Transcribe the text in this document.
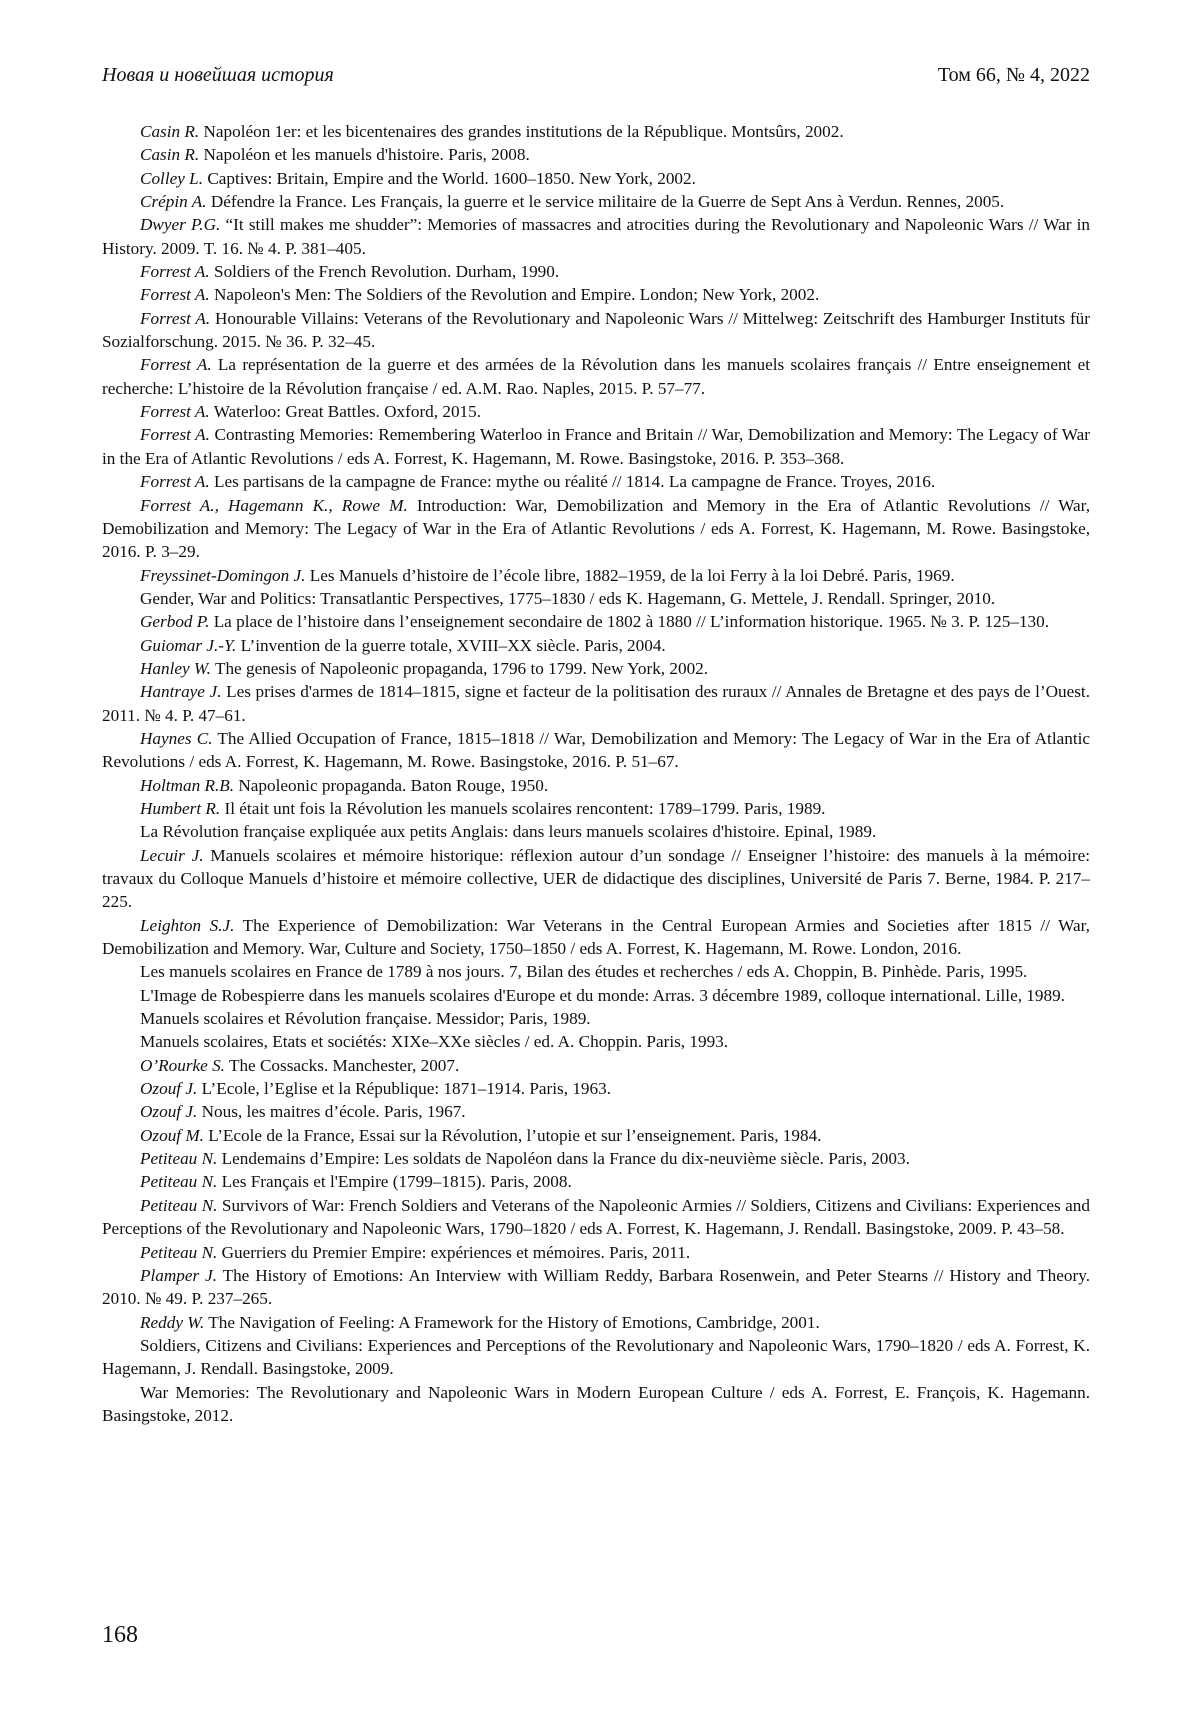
Новая и новейшая история	Том 66, № 4, 2022

Casin R. Napoléon 1er: et les bicentenaires des grandes institutions de la République. Montsûrs, 2002.

Casin R. Napoléon et les manuels d'histoire. Paris, 2008.

Colley L. Captives: Britain, Empire and the World. 1600–1850. New York, 2002.

Crépin A. Défendre la France. Les Français, la guerre et le service militaire de la Guerre de Sept Ans à Verdun. Rennes, 2005.

Dwyer P.G. “It still makes me shudder”: Memories of massacres and atrocities during the Revolutionary and Napoleonic Wars // War in History. 2009. T. 16. № 4. P. 381–405.

Forrest A. Soldiers of the French Revolution. Durham, 1990.

Forrest A. Napoleon's Men: The Soldiers of the Revolution and Empire. London; New York, 2002.

Forrest A. Honourable Villains: Veterans of the Revolutionary and Napoleonic Wars // Mittelweg: Zeitschrift des Hamburger Instituts für Sozialforschung. 2015. № 36. P. 32–45.

Forrest A. La représentation de la guerre et des armées de la Révolution dans les manuels scolaires français // Entre enseignement et recherche: L’histoire de la Révolution française / ed. A.M. Rao. Naples, 2015. P. 57–77.

Forrest A. Waterloo: Great Battles. Oxford, 2015.

Forrest A. Contrasting Memories: Remembering Waterloo in France and Britain // War, Demobilization and Memory: The Legacy of War in the Era of Atlantic Revolutions / eds A. Forrest, K. Hagemann, M. Rowe. Basingstoke, 2016. P. 353–368.

Forrest A. Les partisans de la campagne de France: mythe ou réalité // 1814. La campagne de France. Troyes, 2016.

Forrest A., Hagemann K., Rowe M. Introduction: War, Demobilization and Memory in the Era of Atlantic Revolutions // War, Demobilization and Memory: The Legacy of War in the Era of Atlantic Revolutions / eds A. Forrest, K. Hagemann, M. Rowe. Basingstoke, 2016. P. 3–29.

Freyssinet-Domingon J. Les Manuels d’histoire de l’école libre, 1882–1959, de la loi Ferry à la loi Debré. Paris, 1969.

Gender, War and Politics: Transatlantic Perspectives, 1775–1830 / eds K. Hagemann, G. Mettele, J. Rendall. Springer, 2010.

Gerbod P. La place de l’histoire dans l’enseignement secondaire de 1802 à 1880 // L’information historique. 1965. № 3. P. 125–130.

Guiomar J.-Y. L’invention de la guerre totale, XVIII–XX siècle. Paris, 2004.

Hanley W. The genesis of Napoleonic propaganda, 1796 to 1799. New York, 2002.

Hantraye J. Les prises d'armes de 1814–1815, signe et facteur de la politisation des ruraux // Annales de Bretagne et des pays de l’Ouest. 2011. № 4. P. 47–61.

Haynes C. The Allied Occupation of France, 1815–1818 // War, Demobilization and Memory: The Legacy of War in the Era of Atlantic Revolutions / eds A. Forrest, K. Hagemann, M. Rowe. Basingstoke, 2016. P. 51–67.

Holtman R.B. Napoleonic propaganda. Baton Rouge, 1950.

Humbert R. Il était unt fois la Révolution les manuels scolaires rencontent: 1789–1799. Paris, 1989.

La Révolution française expliquée aux petits Anglais: dans leurs manuels scolaires d'histoire. Epinal, 1989.

Lecuir J. Manuels scolaires et mémoire historique: réflexion autour d’un sondage // Enseigner l’histoire: des manuels à la mémoire: travaux du Colloque Manuels d’histoire et mémoire collective, UER de didactique des disciplines, Université de Paris 7. Berne, 1984. P. 217–225.

Leighton S.J. The Experience of Demobilization: War Veterans in the Central European Armies and Societies after 1815 // War, Demobilization and Memory. War, Culture and Society, 1750–1850 / eds A. Forrest, K. Hagemann, M. Rowe. London, 2016.

Les manuels scolaires en France de 1789 à nos jours. 7, Bilan des études et recherches / eds A. Choppin, B. Pinhède. Paris, 1995.

L'Image de Robespierre dans les manuels scolaires d'Europe et du monde: Arras. 3 décembre 1989, colloque international. Lille, 1989.

Manuels scolaires et Révolution française. Messidor; Paris, 1989.

Manuels scolaires, Etats et sociétés: XIXe–XXe siècles / ed. A. Choppin. Paris, 1993.

O’Rourke S. The Cossacks. Manchester, 2007.

Ozouf J. L’Ecole, l’Eglise et la République: 1871–1914. Paris, 1963.

Ozouf J. Nous, les maitres d’école. Paris, 1967.

Ozouf M. L’Ecole de la France, Essai sur la Révolution, l’utopie et sur l’enseignement. Paris, 1984.

Petiteau N. Lendemains d’Empire: Les soldats de Napoléon dans la France du dix-neuvième siècle. Paris, 2003.

Petiteau N. Les Français et l'Empire (1799–1815). Paris, 2008.

Petiteau N. Survivors of War: French Soldiers and Veterans of the Napoleonic Armies // Soldiers, Citizens and Civilians: Experiences and Perceptions of the Revolutionary and Napoleonic Wars, 1790–1820 / eds A. Forrest, K. Hagemann, J. Rendall. Basingstoke, 2009. P. 43–58.

Petiteau N. Guerriers du Premier Empire: expériences et mémoires. Paris, 2011.

Plamper J. The History of Emotions: An Interview with William Reddy, Barbara Rosenwein, and Peter Stearns // History and Theory. 2010. № 49. P. 237–265.

Reddy W. The Navigation of Feeling: A Framework for the History of Emotions, Cambridge, 2001.

Soldiers, Citizens and Civilians: Experiences and Perceptions of the Revolutionary and Napoleonic Wars, 1790–1820 / eds A. Forrest, K. Hagemann, J. Rendall. Basingstoke, 2009.

War Memories: The Revolutionary and Napoleonic Wars in Modern European Culture / eds A. Forrest, E. François, K. Hagemann. Basingstoke, 2012.

168
